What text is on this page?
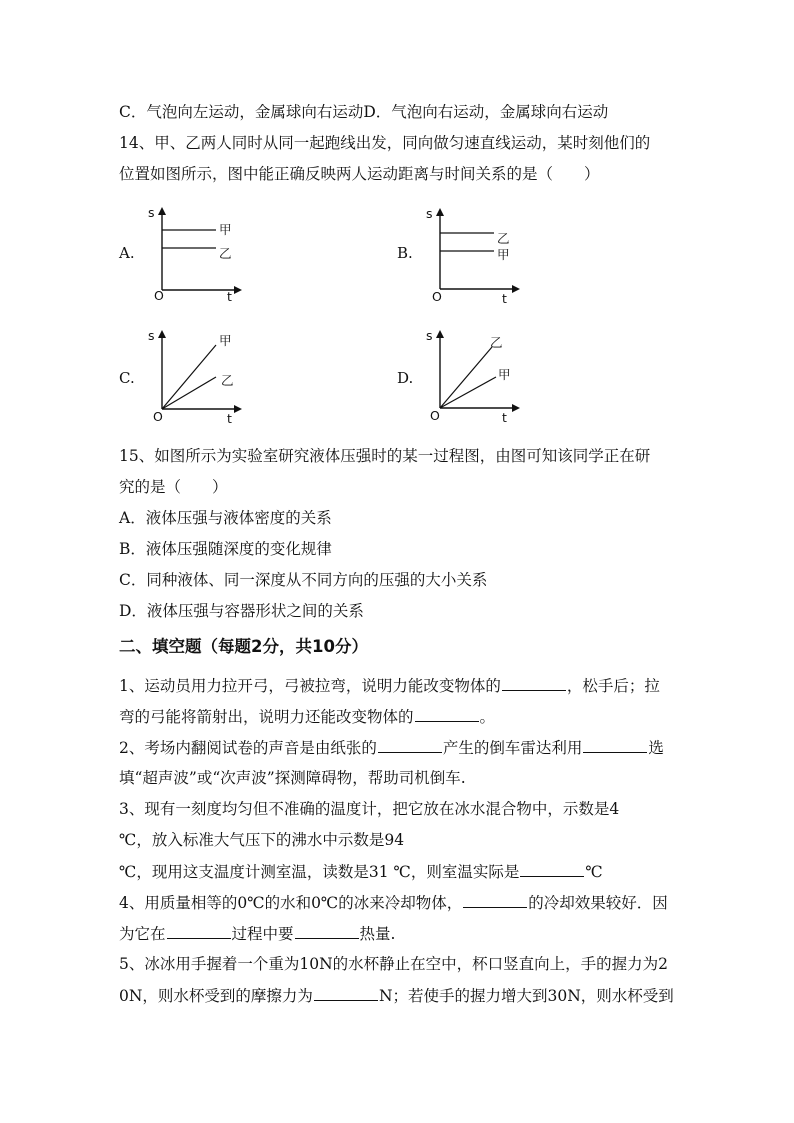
C．气泡向左运动，金属球向右运动D．气泡向右运动，金属球向右运动
14、甲、乙两人同时从同一起跑线出发，同向做匀速直线运动，某时刻他们的
位置如图所示，图中能正确反映两人运动距离与时间关系的是（　　）
A.
s
O	t
甲
乙	B.
s
O	t
乙
甲
C.
s
O	t
甲
乙	D.
s
O	t
乙
甲
15、如图所示为实验室研究液体压强时的某一过程图，由图可知该同学正在研
究的是（　　）
A．液体压强与液体密度的关系
B．液体压强随深度的变化规律
C．同种液体、同一深度从不同方向的压强的大小关系
D．液体压强与容器形状之间的关系
二、填空题（每题2分，共10分）
1、运动员用力拉开弓，弓被拉弯，说明力能改变物体的	，松手后；拉
弯的弓能将箭射出，说明力还能改变物体的	。
2、考场内翻阅试卷的声音是由纸张的	产生的倒车雷达利用	选
填“超声波”或“次声波”探测障碍物，帮助司机倒车.
3、现有一刻度均匀但不准确的温度计，把它放在冰水混合物中，示数是4
℃，放入标准大气压下的沸水中示数是94
℃，现用这支温度计测室温，读数是31 ℃，则室温实际是	℃
4、用质量相等的0℃的水和0℃的冰来冷却物体，	的冷却效果较好．因
为它在	过程中要	热量.
5、冰冰用手握着一个重为10N的水杯静止在空中，杯口竖直向上，手的握力为2
0N，则水杯受到的摩擦力为	N；若使手的握力增大到30N，则水杯受到
